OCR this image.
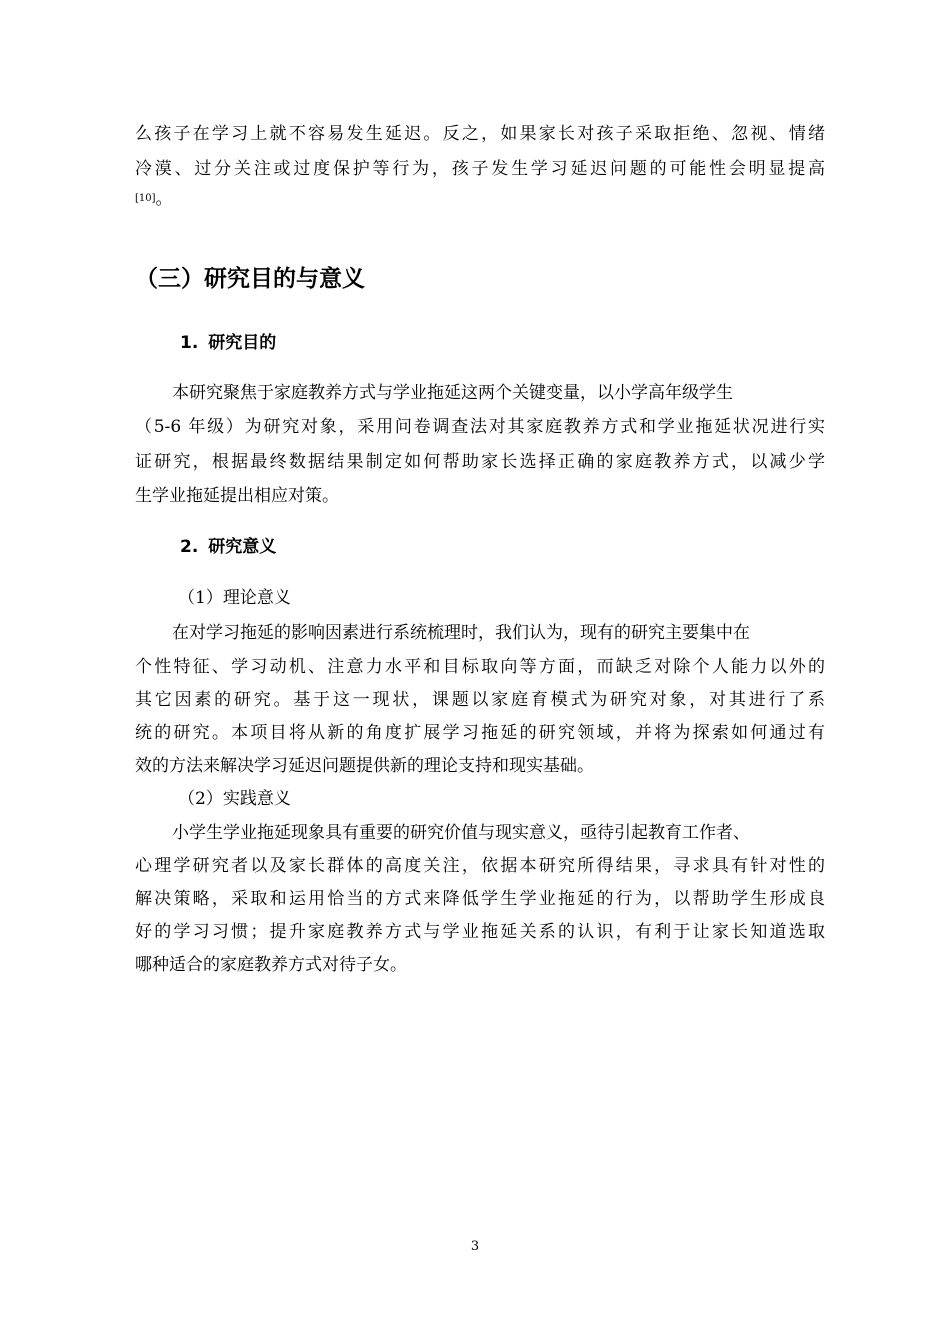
么孩子在学习上就不容易发生延迟。反之，如果家长对孩子采取拒绝、忽视、情绪
冷漠、过分关注或过度保护等行为，孩子发生学习延迟问题的可能性会明显提高
[10]。
（三）研究目的与意义
1. 研究目的
本研究聚焦于家庭教养方式与学业拖延这两个关键变量，以小学高年级学生
（5-6 年级）为研究对象，采用问卷调查法对其家庭教养方式和学业拖延状况进行实
证研究，根据最终数据结果制定如何帮助家长选择正确的家庭教养方式，以减少学
生学业拖延提出相应对策。
2. 研究意义
（1）理论意义
在对学习拖延的影响因素进行系统梳理时，我们认为，现有的研究主要集中在
个性特征、学习动机、注意力水平和目标取向等方面，而缺乏对除个人能力以外的
其它因素的研究。基于这一现状，课题以家庭育模式为研究对象，对其进行了系
统的研究。本项目将从新的角度扩展学习拖延的研究领域，并将为探索如何通过有
效的方法来解决学习延迟问题提供新的理论支持和现实基础。
（2）实践意义
小学生学业拖延现象具有重要的研究价值与现实意义，亟待引起教育工作者、
心理学研究者以及家长群体的高度关注，依据本研究所得结果，寻求具有针对性的
解决策略，采取和运用恰当的方式来降低学生学业拖延的行为，以帮助学生形成良
好的学习习惯；提升家庭教养方式与学业拖延关系的认识，有利于让家长知道选取
哪种适合的家庭教养方式对待子女。
3
